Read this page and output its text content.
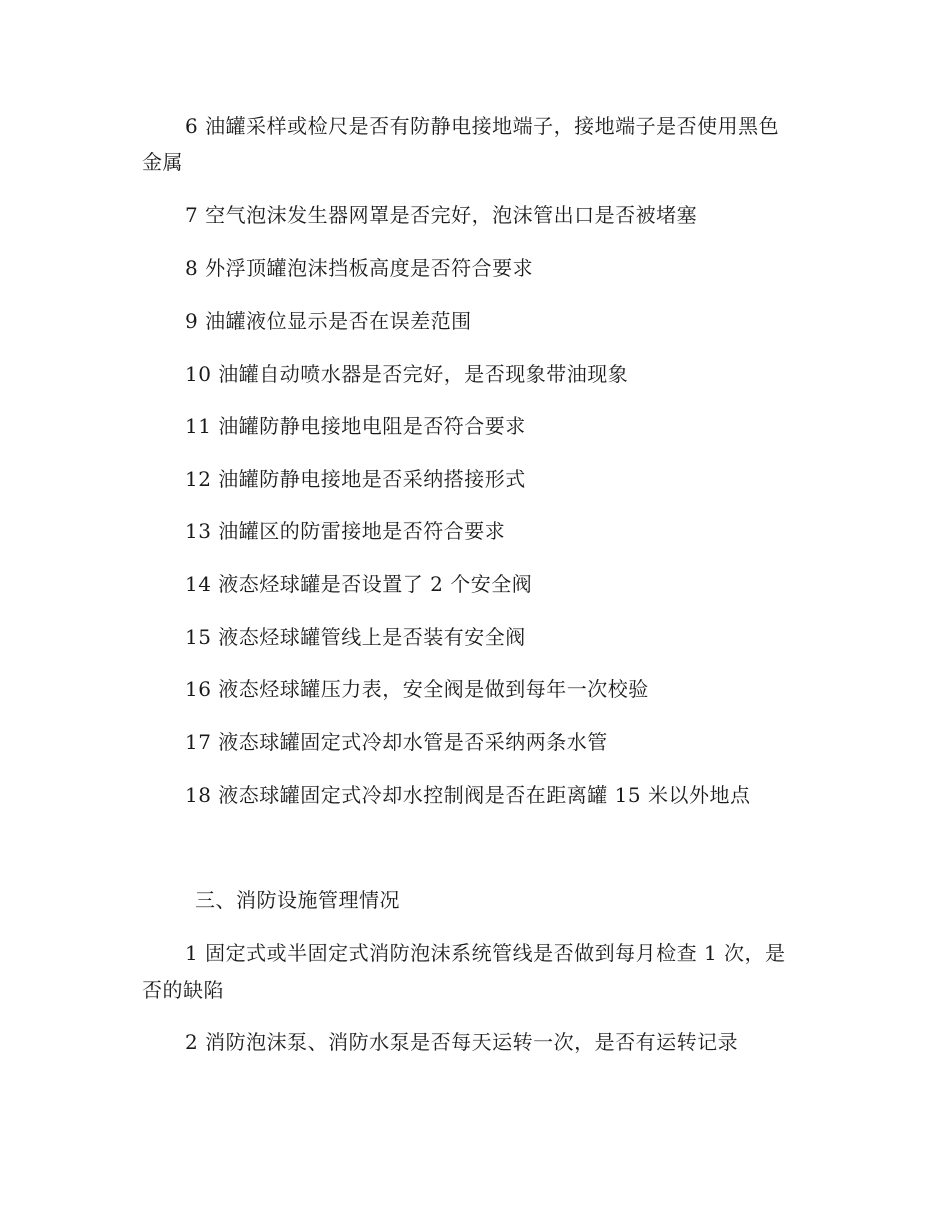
6 油罐采样或检尺是否有防静电接地端子，接地端子是否使用黑色
金属
7 空气泡沫发生器网罩是否完好，泡沫管出口是否被堵塞
8 外浮顶罐泡沫挡板高度是否符合要求
9 油罐液位显示是否在误差范围
10 油罐自动喷水器是否完好，是否现象带油现象
11 油罐防静电接地电阻是否符合要求
12 油罐防静电接地是否采纳搭接形式
13 油罐区的防雷接地是否符合要求
14 液态烃球罐是否设置了 2 个安全阀
15 液态烃球罐管线上是否装有安全阀
16 液态烃球罐压力表，安全阀是做到每年一次校验
17 液态球罐固定式冷却水管是否采纳两条水管
18 液态球罐固定式冷却水控制阀是否在距离罐 15 米以外地点
三、消防设施管理情况
1 固定式或半固定式消防泡沫系统管线是否做到每月检查 1 次，是
否的缺陷
2 消防泡沫泵、消防水泵是否每天运转一次，是否有运转记录
